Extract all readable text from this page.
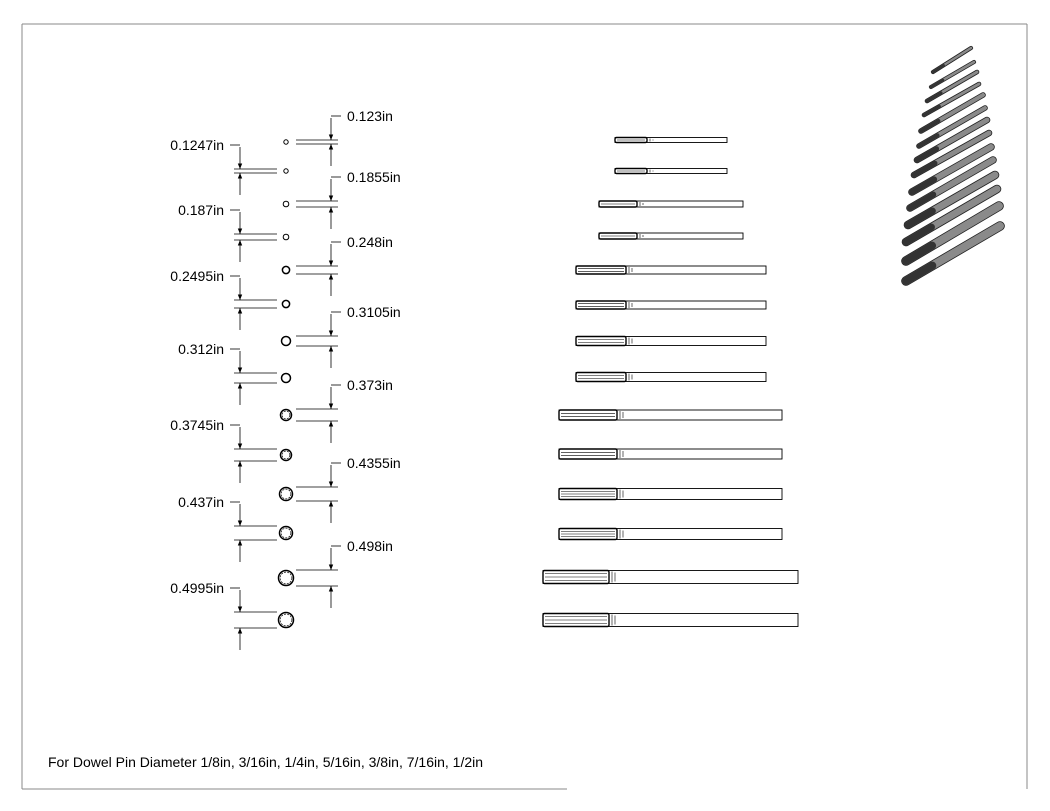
0.1247in
0.187in
0.2495in
0.312in
0.3745in
0.437in
0.4995in
0.123in
0.1855in
0.248in
0.3105in
0.373in
0.4355in
0.498in
For Dowel Pin Diameter 1/8in, 3/16in, 1/4in, 5/16in, 3/8in, 7/16in, 1/2in
